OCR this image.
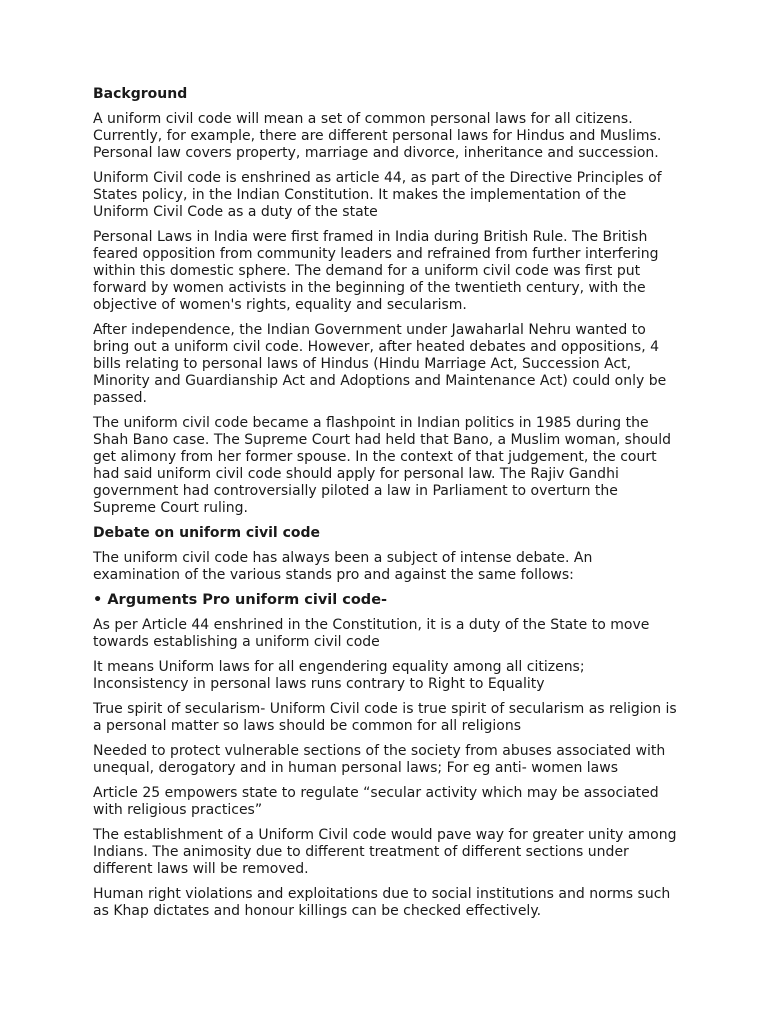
Background

A uniform civil code will mean a set of common personal laws for all citizens. Currently, for example, there are different personal laws for Hindus and Muslims. Personal law covers property, marriage and divorce, inheritance and succession.

Uniform Civil code is enshrined as article 44, as part of the Directive Principles of States policy, in the Indian Constitution. It makes the implementation of the Uniform Civil Code as a duty of the state

Personal Laws in India were first framed in India during British Rule. The British feared opposition from community leaders and refrained from further interfering within this domestic sphere. The demand for a uniform civil code was first put forward by women activists in the beginning of the twentieth century, with the objective of women's rights, equality and secularism.

After independence, the Indian Government under Jawaharlal Nehru wanted to bring out a uniform civil code. However, after heated debates and oppositions, 4 bills relating to personal laws of Hindus (Hindu Marriage Act, Succession Act, Minority and Guardianship Act and Adoptions and Maintenance Act) could only be passed.

The uniform civil code became a flashpoint in Indian politics in 1985 during the Shah Bano case. The Supreme Court had held that Bano, a Muslim woman, should get alimony from her former spouse. In the context of that judgement, the court had said uniform civil code should apply for personal law. The Rajiv Gandhi government had controversially piloted a law in Parliament to overturn the Supreme Court ruling.

Debate on uniform civil code

The uniform civil code has always been a subject of intense debate. An examination of the various stands pro and against the same follows:

• Arguments Pro uniform civil code-

As per Article 44 enshrined in the Constitution, it is a duty of the State to move towards establishing a uniform civil code

It means Uniform laws for all engendering equality among all citizens; Inconsistency in personal laws runs contrary to Right to Equality

True spirit of secularism- Uniform Civil code is true spirit of secularism as religion is a personal matter so laws should be common for all religions

Needed to protect vulnerable sections of the society from abuses associated with unequal, derogatory and in human personal laws; For eg anti- women laws

Article 25 empowers state to regulate “secular activity which may be associated with religious practices”

The establishment of a Uniform Civil code would pave way for greater unity among Indians. The animosity due to different treatment of different sections under different laws will be removed.

Human right violations and exploitations due to social institutions and norms such as Khap dictates and honour killings can be checked effectively.
